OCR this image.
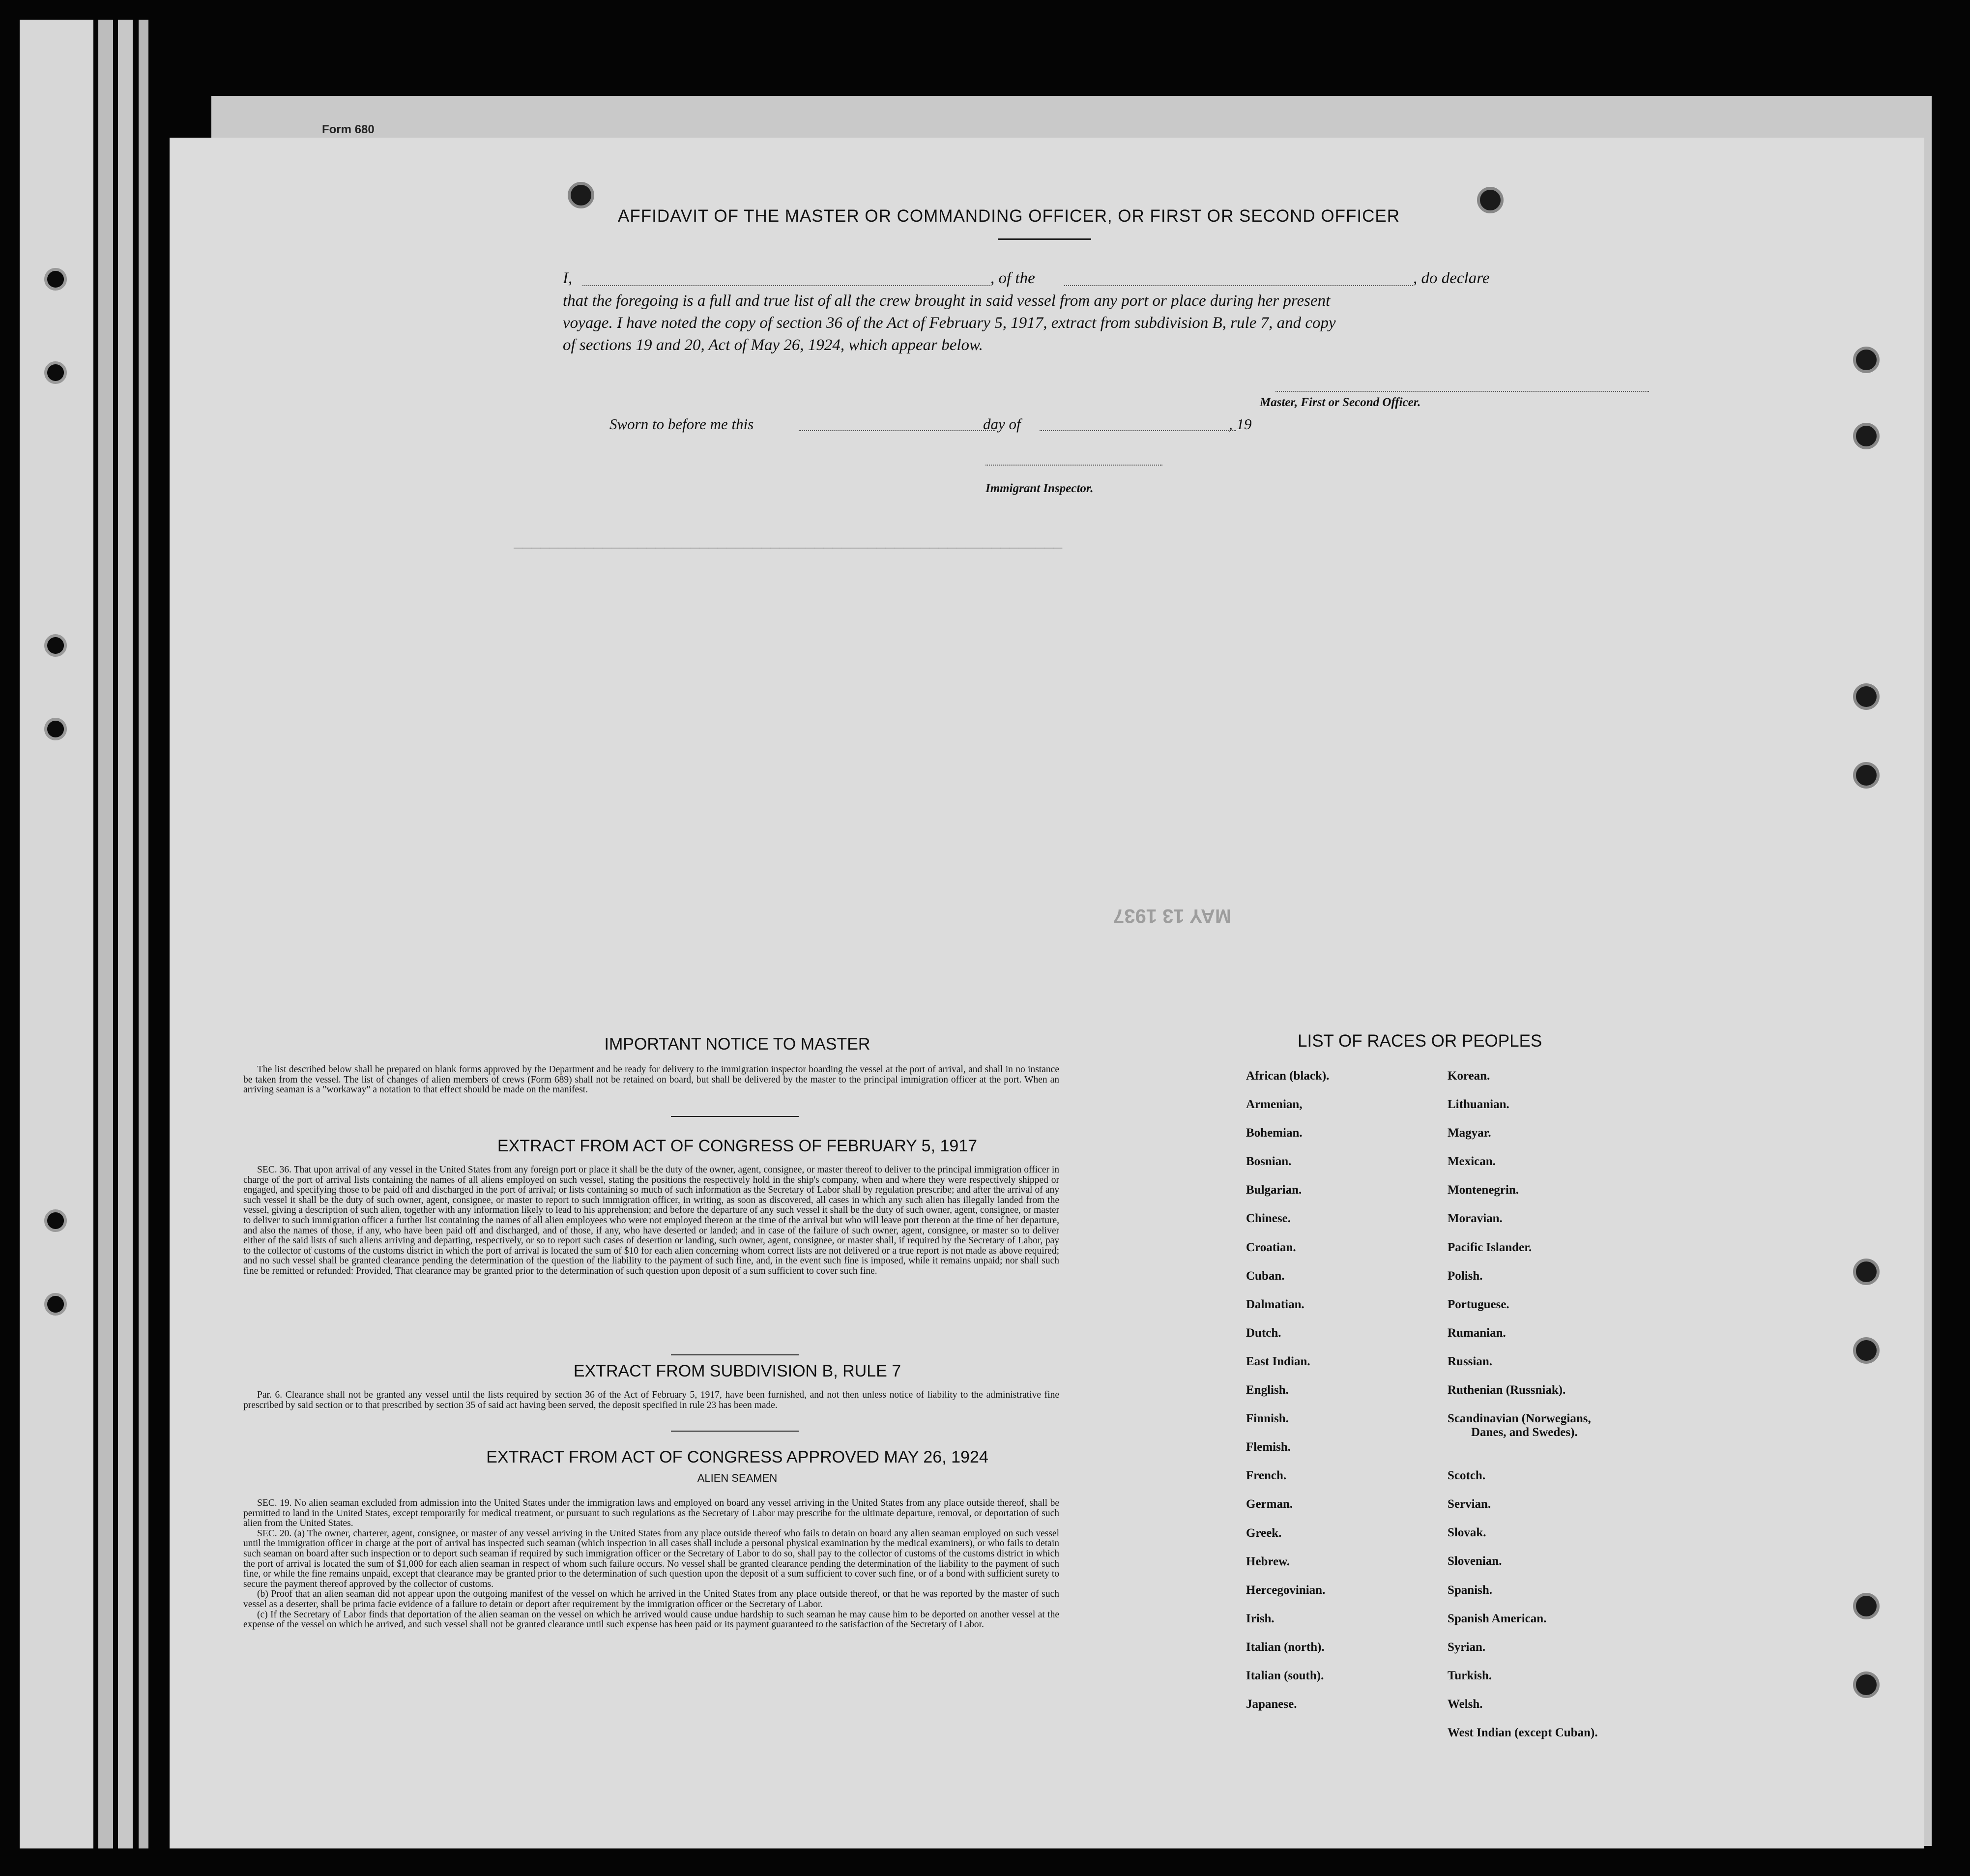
Form 680
──────────────────────────────────────────────────────────────
MAY 13 1937
AFFIDAVIT OF THE MASTER OR COMMANDING OFFICER, OR FIRST OR SECOND OFFICER
I,	, of the	, do declare
that the foregoing is a full and true list of all the crew brought in said vessel from any port or place during her present
voyage. I have noted the copy of section 36 of the Act of February 5, 1917, extract from subdivision B, rule 7, and copy
of sections 19 and 20, Act of May 26, 1924, which appear below.
Master, First or Second Officer.
Sworn to before me this	day of	, 19
Immigrant Inspector.
IMPORTANT NOTICE TO MASTER

The list described below shall be prepared on blank forms approved by the Department and be ready for delivery to the immigration inspector boarding the vessel at the port of arrival, and shall in no instance be taken from the vessel. The list of changes of alien members of crews (Form 689) shall not be retained on board, but shall be delivered by the master to the principal immigration officer at the port. When an arriving seaman is a "workaway" a notation to that effect should be made on the manifest.

EXTRACT FROM ACT OF CONGRESS OF FEBRUARY 5, 1917

SEC. 36. That upon arrival of any vessel in the United States from any foreign port or place it shall be the duty of the owner, agent, consignee, or master thereof to deliver to the principal immigration officer in charge of the port of arrival lists containing the names of all aliens employed on such vessel, stating the positions the respectively hold in the ship's company, when and where they were respectively shipped or engaged, and specifying those to be paid off and discharged in the port of arrival; or lists containing so much of such information as the Secretary of Labor shall by regulation prescribe; and after the arrival of any such vessel it shall be the duty of such owner, agent, consignee, or master to report to such immigration officer, in writing, as soon as discovered, all cases in which any such alien has illegally landed from the vessel, giving a description of such alien, together with any information likely to lead to his apprehension; and before the departure of any such vessel it shall be the duty of such owner, agent, consignee, or master to deliver to such immigration officer a further list containing the names of all alien employees who were not employed thereon at the time of the arrival but who will leave port thereon at the time of her departure, and also the names of those, if any, who have been paid off and discharged, and of those, if any, who have deserted or landed; and in case of the failure of such owner, agent, consignee, or master so to deliver either of the said lists of such aliens arriving and departing, respectively, or so to report such cases of desertion or landing, such owner, agent, consignee, or master shall, if required by the Secretary of Labor, pay to the collector of customs of the customs district in which the port of arrival is located the sum of $10 for each alien concerning whom correct lists are not delivered or a true report is not made as above required; and no such vessel shall be granted clearance pending the determination of the question of the liability to the payment of such fine, and, in the event such fine is imposed, while it remains unpaid; nor shall such fine be remitted or refunded: Provided, That clearance may be granted prior to the determination of such question upon deposit of a sum sufficient to cover such fine.

EXTRACT FROM SUBDIVISION B, RULE 7

Par. 6. Clearance shall not be granted any vessel until the lists required by section 36 of the Act of February 5, 1917, have been furnished, and not then unless notice of liability to the administrative fine prescribed by said section or to that prescribed by section 35 of said act having been served, the deposit specified in rule 23 has been made.

EXTRACT FROM ACT OF CONGRESS APPROVED MAY 26, 1924
ALIEN SEAMEN

SEC. 19. No alien seaman excluded from admission into the United States under the immigration laws and employed on board any vessel arriving in the United States from any place outside thereof, shall be permitted to land in the United States, except temporarily for medical treatment, or pursuant to such regulations as the Secretary of Labor may prescribe for the ultimate departure, removal, or deportation of such alien from the United States.

SEC. 20. (a) The owner, charterer, agent, consignee, or master of any vessel arriving in the United States from any place outside thereof who fails to detain on board any alien seaman employed on such vessel until the immigration officer in charge at the port of arrival has inspected such seaman (which inspection in all cases shall include a personal physical examination by the medical examiners), or who fails to detain such seaman on board after such inspection or to deport such seaman if required by such immigration officer or the Secretary of Labor to do so, shall pay to the collector of customs of the customs district in which the port of arrival is located the sum of $1,000 for each alien seaman in respect of whom such failure occurs. No vessel shall be granted clearance pending the determination of the liability to the payment of such fine, or while the fine remains unpaid, except that clearance may be granted prior to the determination of such question upon the deposit of a sum sufficient to cover such fine, or of a bond with sufficient surety to secure the payment thereof approved by the collector of customs.

(b) Proof that an alien seaman did not appear upon the outgoing manifest of the vessel on which he arrived in the United States from any place outside thereof, or that he was reported by the master of such vessel as a deserter, shall be prima facie evidence of a failure to detain or deport after requirement by the immigration officer or the Secretary of Labor.

(c) If the Secretary of Labor finds that deportation of the alien seaman on the vessel on which he arrived would cause undue hardship to such seaman he may cause him to be deported on another vessel at the expense of the vessel on which he arrived, and such vessel shall not be granted clearance until such expense has been paid or its payment guaranteed to the satisfaction of the Secretary of Labor.

LIST OF RACES OR PEOPLES
African (black).
Armenian,
Bohemian.
Bosnian.
Bulgarian.
Chinese.
Croatian.
Cuban.
Dalmatian.
Dutch.
East Indian.
English.
Finnish.
Flemish.
French.
German.
Greek.
Hebrew.
Hercegovinian.
Irish.
Italian (north).
Italian (south).
Japanese.
Korean.
Lithuanian.
Magyar.
Mexican.
Montenegrin.
Moravian.
Pacific Islander.
Polish.
Portuguese.
Rumanian.
Russian.
Ruthenian (Russniak).
Scandinavian (Norwegians,
Danes, and Swedes).
Scotch.
Servian.
Slovak.
Slovenian.
Spanish.
Spanish American.
Syrian.
Turkish.
Welsh.
West Indian (except Cuban).
